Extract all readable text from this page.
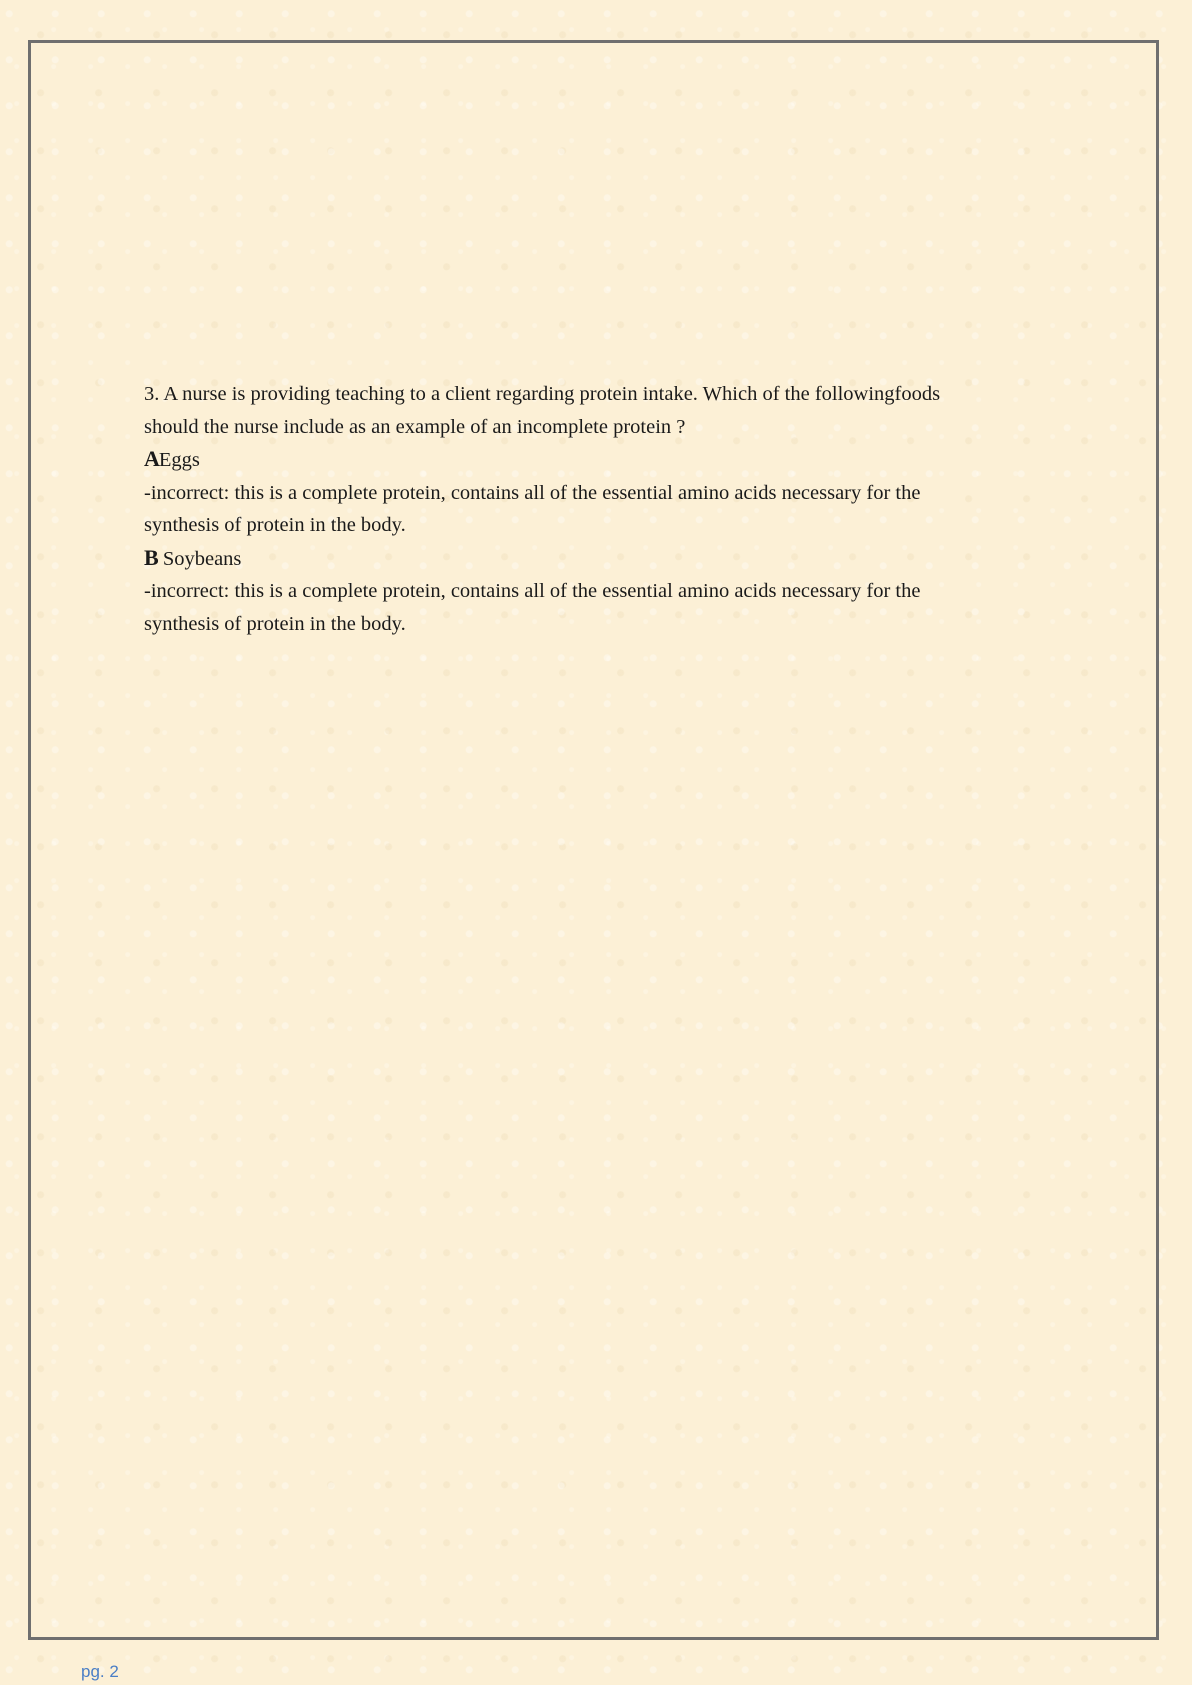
3. A nurse is providing teaching to a client regarding protein intake. Which of the followingfoods

should the nurse include as an example of an incomplete protein ?

AEggs

-incorrect: this is a complete protein, contains all of the essential amino acids necessary for the

synthesis of protein in the body.

B Soybeans

-incorrect: this is a complete protein, contains all of the essential amino acids necessary for the

synthesis of protein in the body.

pg. 2
